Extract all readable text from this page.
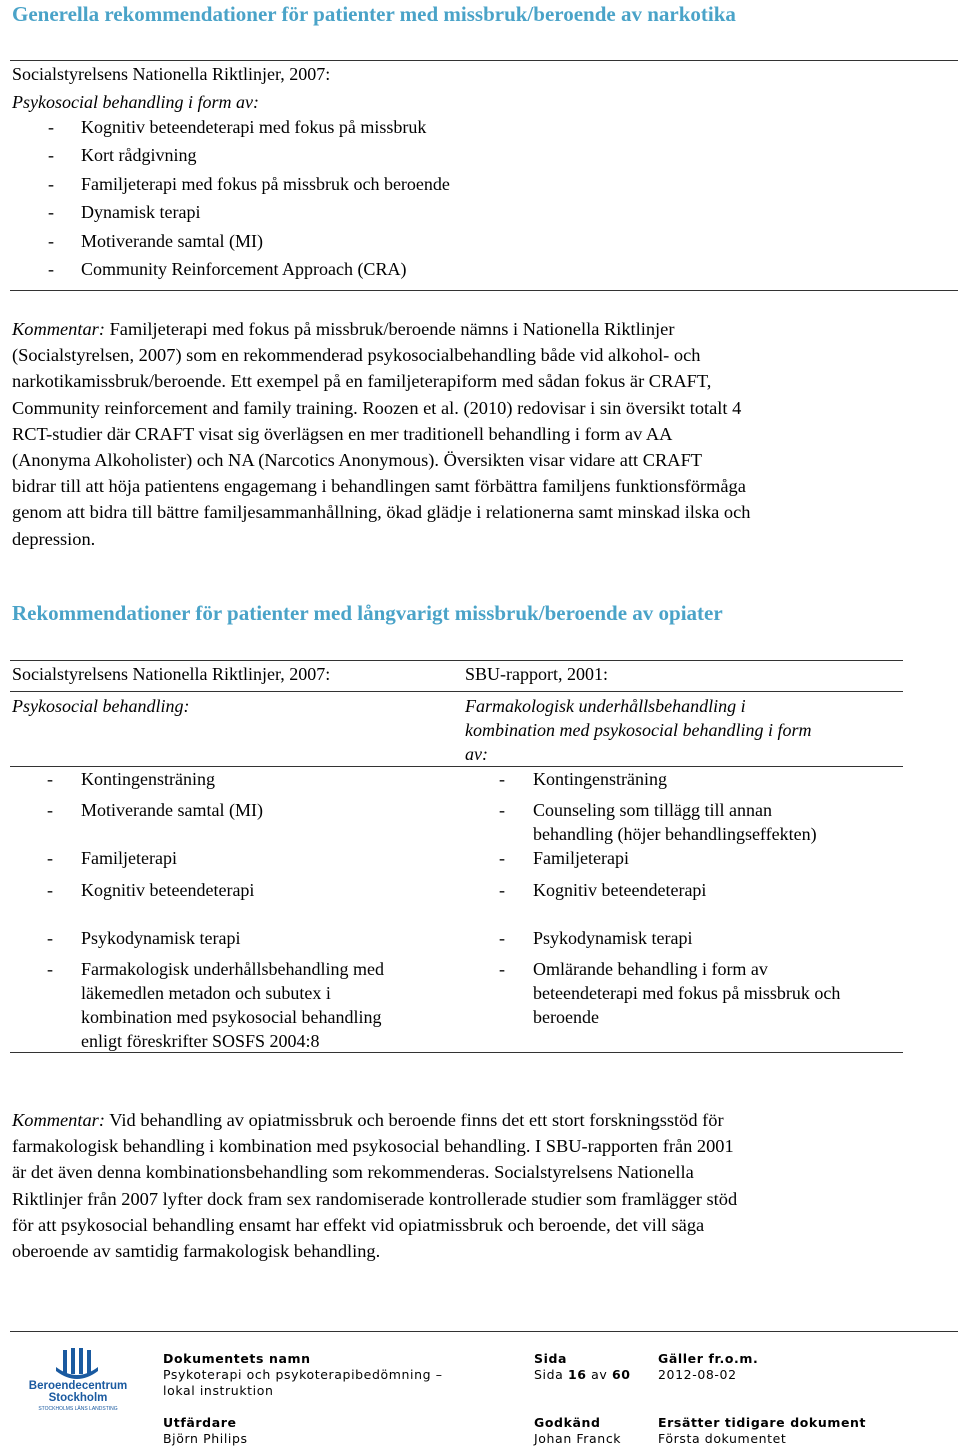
Generella rekommendationer för patienter med missbruk/beroende av narkotika
Socialstyrelsens Nationella Riktlinjer, 2007:
Psykosocial behandling i form av:
- Kognitiv beteendeterapi med fokus på missbruk
- Kort rådgivning
- Familjeterapi med fokus på missbruk och beroende
- Dynamisk terapi
- Motiverande samtal (MI)
- Community Reinforcement Approach (CRA)
Kommentar: Familjeterapi med fokus på missbruk/beroende nämns i Nationella Riktlinjer
(Socialstyrelsen, 2007) som en rekommenderad psykosocialbehandling både vid alkohol- och
narkotikamissbruk/beroende. Ett exempel på en familjeterapiform med sådan fokus är CRAFT,
Community reinforcement and family training. Roozen et al. (2010) redovisar i sin översikt totalt 4
RCT-studier där CRAFT visat sig överlägsen en mer traditionell behandling i form av AA
(Anonyma Alkoholister) och NA (Narcotics Anonymous). Översikten visar vidare att CRAFT
bidrar till att höja patientens engagemang i behandlingen samt förbättra familjens funktionsförmåga
genom att bidra till bättre familjesammanhållning, ökad glädje i relationerna samt minskad ilska och
depression.
Rekommendationer för patienter med långvarigt missbruk/beroende av opiater
Socialstyrelsens Nationella Riktlinjer, 2007:	SBU-rapport, 2001:
Psykosocial behandling:	Farmakologisk underhållsbehandling i
kombination med psykosocial behandling i form
av:
- Kontingensträning
- Motiverande samtal (MI)
- Familjeterapi
- Kognitiv beteendeterapi
- Psykodynamisk terapi
- Farmakologisk underhållsbehandling med
läkemedlen metadon och subutex i
kombination med psykosocial behandling
enligt föreskrifter SOSFS 2004:8
- Kontingensträning
- Counseling som tillägg till annan
behandling (höjer behandlingseffekten)
- Familjeterapi
- Kognitiv beteendeterapi
- Psykodynamisk terapi
- Omlärande behandling i form av
beteendeterapi med fokus på missbruk och
beroende
Kommentar: Vid behandling av opiatmissbruk och beroende finns det ett stort forskningsstöd för
farmakologisk behandling i kombination med psykosocial behandling. I SBU-rapporten från 2001
är det även denna kombinationsbehandling som rekommenderas. Socialstyrelsens Nationella
Riktlinjer från 2007 lyfter dock fram sex randomiserade kontrollerade studier som framlägger stöd
för att psykosocial behandling ensamt har effekt vid opiatmissbruk och beroende, det vill säga
oberoende av samtidig farmakologisk behandling.
Beroendecentrum
Stockholm
STOCKHOLMS LÄNS LANDSTING
Dokumentets namn
Psykoterapi och psykoterapibedömning –
lokal instruktion
Sida
Sida 16 av 60
Gäller fr.o.m.
2012-08-02
Utfärdare
Björn Philips
Godkänd
Johan Franck
Ersätter tidigare dokument
Första dokumentet
